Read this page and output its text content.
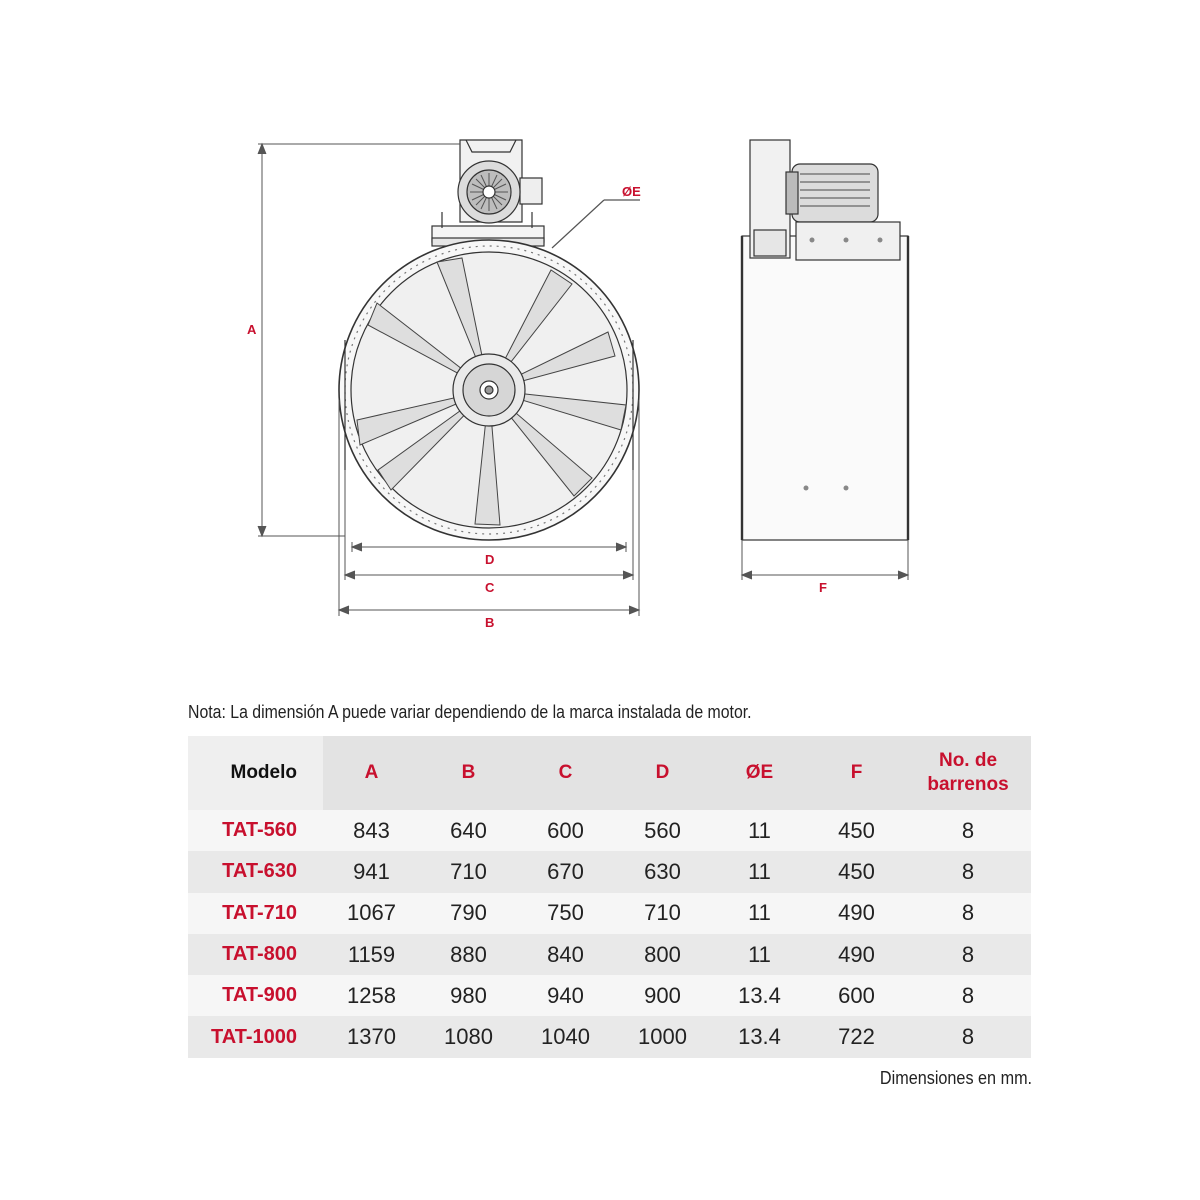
A
D
C
B
ØE
F
Nota: La dimensión A puede variar dependiendo de la marca instalada de motor.
Modelo	A	B	C	D	ØE	F	No. de
barrenos

TAT-560	843	640	600	560	11	450	8
TAT-630	941	710	670	630	11	450	8
TAT-710	1067	790	750	710	11	490	8
TAT-800	1159	880	840	800	11	490	8
TAT-900	1258	980	940	900	13.4	600	8
TAT-1000	1370	1080	1040	1000	13.4	722	8
Dimensiones en mm.
